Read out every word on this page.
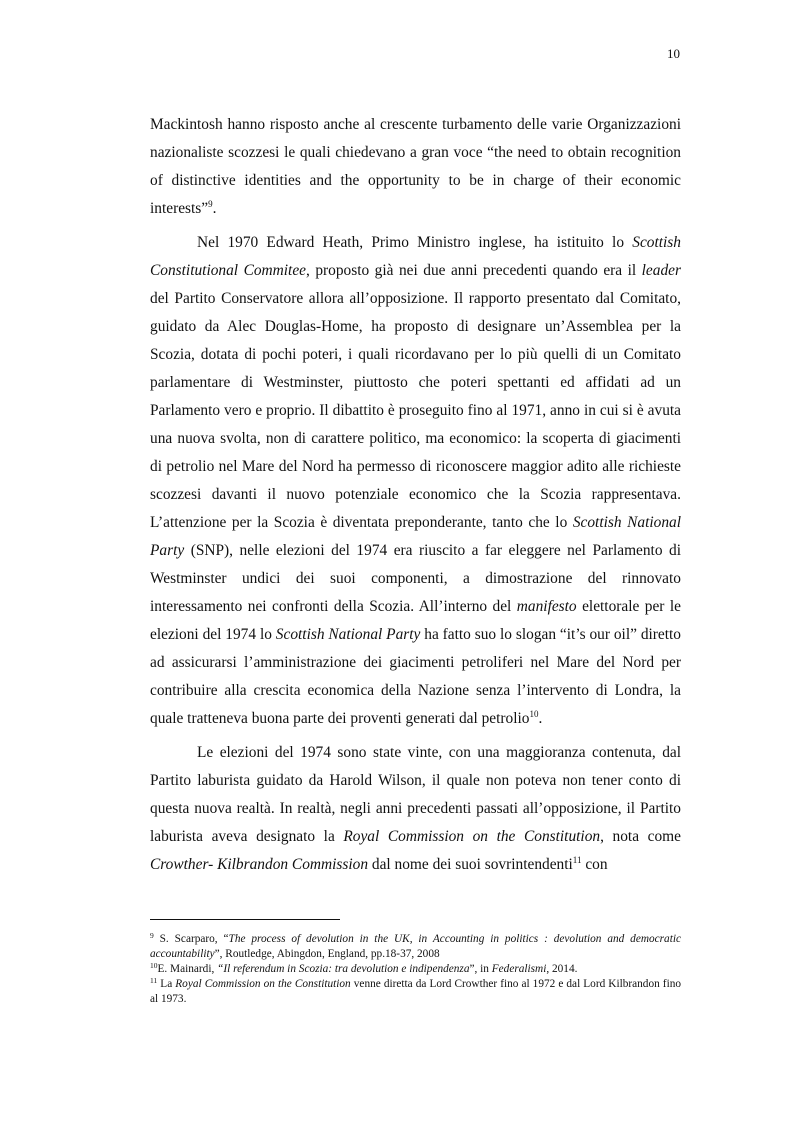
10

Mackintosh hanno risposto anche al crescente turbamento delle varie Organizzazioni nazionaliste scozzesi le quali chiedevano a gran voce “the need to obtain recognition of distinctive identities and the opportunity to be in charge of their economic interests”$^9$.

Nel 1970 Edward Heath, Primo Ministro inglese, ha istituito lo Scottish Constitutional Commitee, proposto già nei due anni precedenti quando era il leader del Partito Conservatore allora all’opposizione. Il rapporto presentato dal Comitato, guidato da Alec Douglas-Home, ha proposto di designare un’Assemblea per la Scozia, dotata di pochi poteri, i quali ricordavano per lo più quelli di un Comitato parlamentare di Westminster, piuttosto che poteri spettanti ed affidati ad un Parlamento vero e proprio. Il dibattito è proseguito fino al 1971, anno in cui si è avuta una nuova svolta, non di carattere politico, ma economico: la scoperta di giacimenti di petrolio nel Mare del Nord ha permesso di riconoscere maggior adito alle richieste scozzesi davanti il nuovo potenziale economico che la Scozia rappresentava. L’attenzione per la Scozia è diventata preponderante, tanto che lo Scottish National Party (SNP), nelle elezioni del 1974 era riuscito a far eleggere nel Parlamento di Westminster undici dei suoi componenti, a dimostrazione del rinnovato interessamento nei confronti della Scozia. All’interno del manifesto elettorale per le elezioni del 1974 lo Scottish National Party ha fatto suo lo slogan “it’s our oil” diretto ad assicurarsi l’amministrazione dei giacimenti petroliferi nel Mare del Nord per contribuire alla crescita economica della Nazione senza l’intervento di Londra, la quale tratteneva buona parte dei proventi generati dal petrolio$^{10}$.

Le elezioni del 1974 sono state vinte, con una maggioranza contenuta, dal Partito laburista guidato da Harold Wilson, il quale non poteva non tener conto di questa nuova realtà. In realtà, negli anni precedenti passati all’opposizione, il Partito laburista aveva designato la Royal Commission on the Constitution, nota come Crowther- Kilbrandon Commission dal nome dei suoi sovrintendenti$^{11}$ con

$^9$ S. Scarparo, “The process of devolution in the UK, in Accounting in politics : devolution and democratic accountability”, Routledge, Abingdon, England, pp.18-37, 2008

$^{10}$E. Mainardi, “Il referendum in Scozia: tra devolution e indipendenza”, in Federalismi, 2014.

$^{11}$ La Royal Commission on the Constitution venne diretta da Lord Crowther fino al 1972 e dal Lord Kilbrandon fino al 1973.
